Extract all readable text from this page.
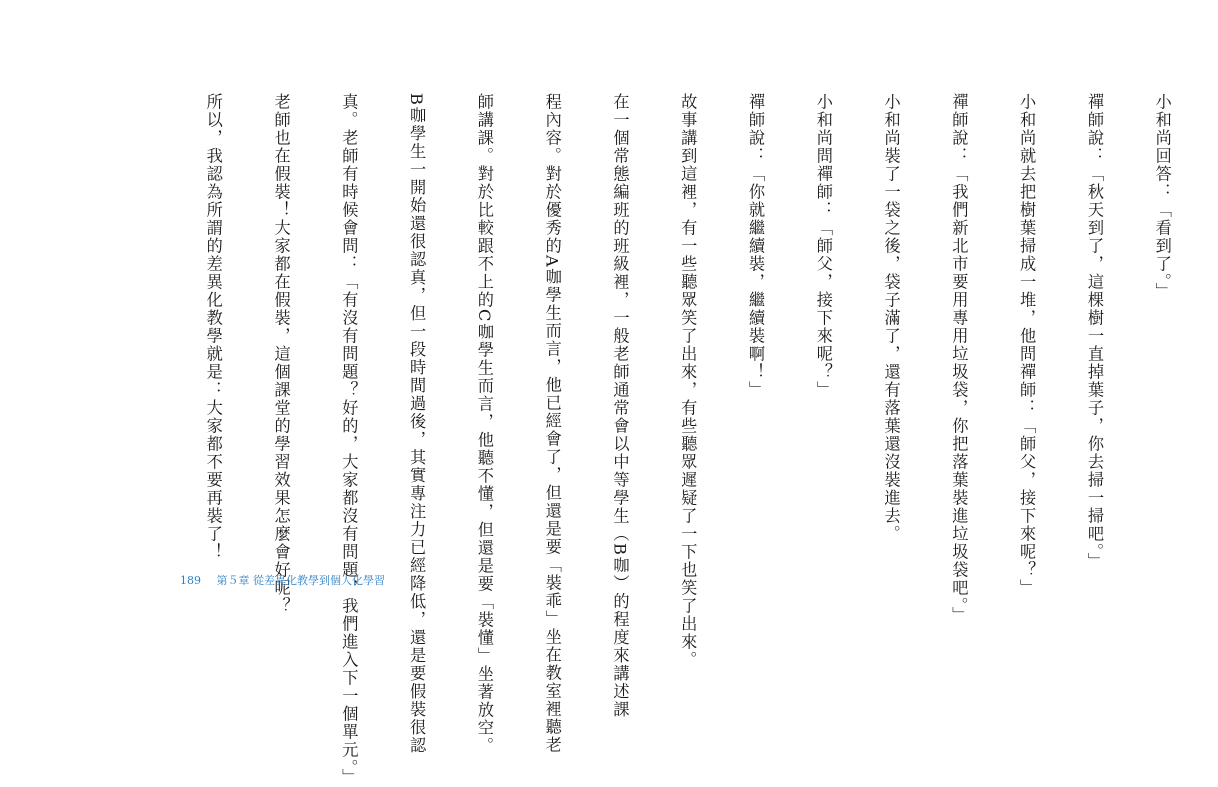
小和尚回答：「看到了。」

禪師說：「秋天到了，這棵樹一直掉葉子，你去掃一掃吧。」

小和尚就去把樹葉掃成一堆，他問禪師：「師父，接下來呢？」

禪師說：「我們新北市要用專用垃圾袋，你把落葉裝進垃圾袋吧。」

小和尚裝了一袋之後，袋子滿了，還有落葉還沒裝進去。

小和尚問禪師：「師父，接下來呢？」

禪師說：「你就繼續裝，繼續裝啊！」

故事講到這裡，有一些聽眾笑了出來，有些聽眾遲疑了一下也笑了出來。

在一個常態編班的班級裡，一般老師通常會以中等學生（B咖）的程度來講述課

程內容。對於優秀的A咖學生而言，他已經會了，但還是要「裝乖」坐在教室裡聽老

師講課。對於比較跟不上的C咖學生而言，他聽不懂，但還是要「裝懂」坐著放空。

B咖學生一開始還很認真，但一段時間過後，其實專注力已經降低，還是要假裝很認

真。老師有時候會問：「有沒有問題？好的，大家都沒有問題，我們進入下一個單元。」

老師也在假裝！大家都在假裝，這個課堂的學習效果怎麼會好呢？

所以，我認為所謂的差異化教學就是：大家都不要再裝了！

189 第５章 從差異化教學到個人化學習
